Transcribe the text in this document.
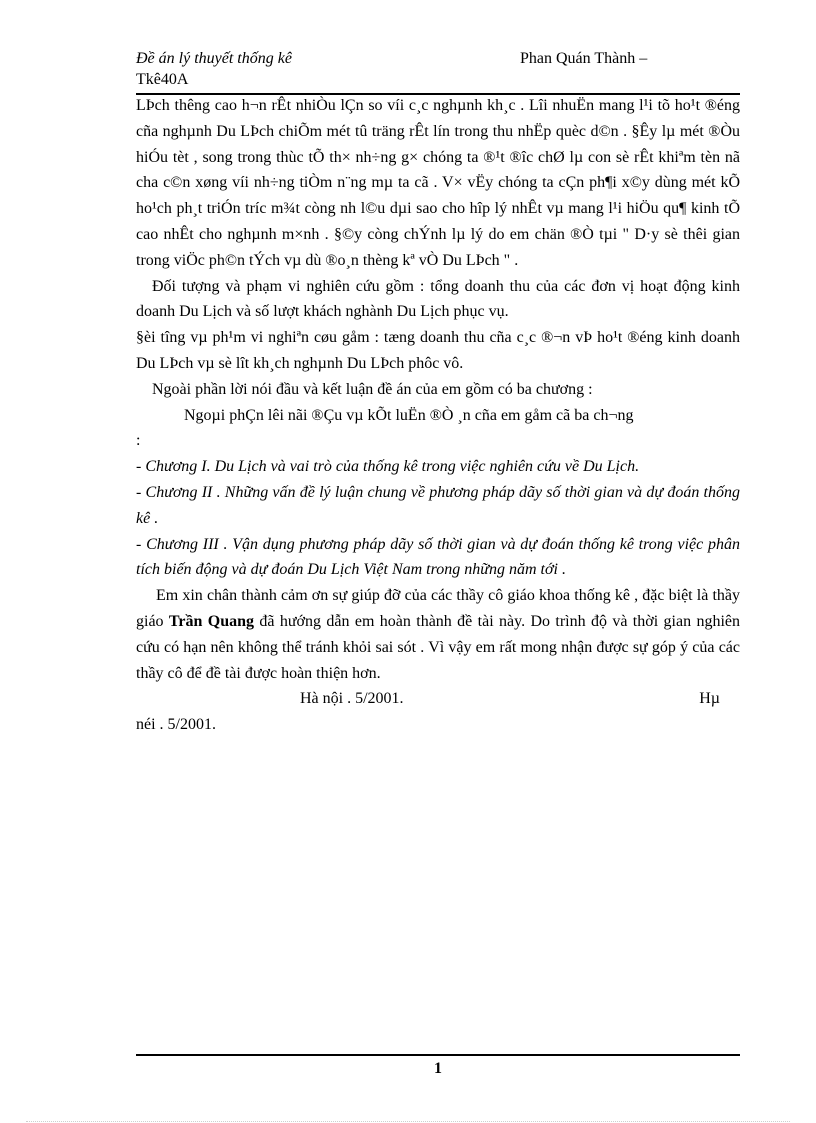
Đề án lý thuyết thống kê	Phan Quán Thành –
Tkê40A

LÞch thêng cao h¬n rÊt nhiÒu lÇn so víi c¸c nghµnh kh¸c . Lîi nhuËn mang l¹i tõ ho¹t ®éng cña nghµnh Du LÞch chiÕm mét tû träng rÊt lín trong thu nhËp quèc d©n . §Êy lµ mét ®Òu hiÓu tèt , song trong thùc tÕ th× nh÷ng g× chóng ta ®¹t ®îc chØ lµ con sè rÊt khiªm tèn nã cha c©n xøng víi nh÷ng tiÒm n¨ng mµ ta cã . V× vËy chóng ta cÇn ph¶i x©y dùng mét kÕ ho¹ch ph¸t triÓn tríc m¾t còng nh l©u dµi sao cho hîp lý nhÊt vµ mang l¹i hiÖu qu¶ kinh tÕ cao nhÊt cho nghµnh m×nh . §©y còng chÝnh lµ lý do em chän ®Ò tµi " D·y sè thêi gian trong viÖc ph©n tÝch vµ dù ®o¸n thèng kª vÒ Du LÞch " .

Đối tượng và phạm vi nghiên cứu gồm : tổng doanh thu của các đơn vị hoạt động kinh doanh Du Lịch và số lượt khách nghành Du Lịch phục vụ.

§èi tîng vµ ph¹m vi nghiªn cøu gåm : tæng doanh thu cña c¸c ®¬n vÞ ho¹t ®éng kinh doanh Du LÞch vµ sè lît kh¸ch nghµnh Du LÞch phôc vô.

Ngoài phần lời nói đầu và kết luận đề án của em gồm có ba chương :

Ngoµi phÇn lêi nãi ®Çu vµ kÕt luËn ®Ò ¸n cña em gåm cã ba ch¬ng

:

- Chương I. Du Lịch và vai trò của thống kê trong việc nghiên cứu về Du Lịch.

- Chương II . Những vấn đề lý luận chung về phương pháp dãy số thời gian và dự đoán thống kê .

- Chương III . Vận dụng phương pháp dãy số thời gian và dự đoán thống kê trong việc phân tích biến động và dự đoán Du Lịch Việt Nam trong những năm tới .

Em xin chân thành cảm ơn sự giúp đỡ của các thầy cô giáo khoa thống kê , đặc biệt là thầy giáo Trần Quang đã hướng dẫn em hoàn thành đề tài này. Do trình độ và thời gian nghiên cứu có hạn nên không thể tránh khỏi sai sót . Vì vậy em rất mong nhận được sự góp ý của các thầy cô để đề tài được hoàn thiện hơn.

Hà nội . 5/2001.	Hµ

néi . 5/2001.

1
